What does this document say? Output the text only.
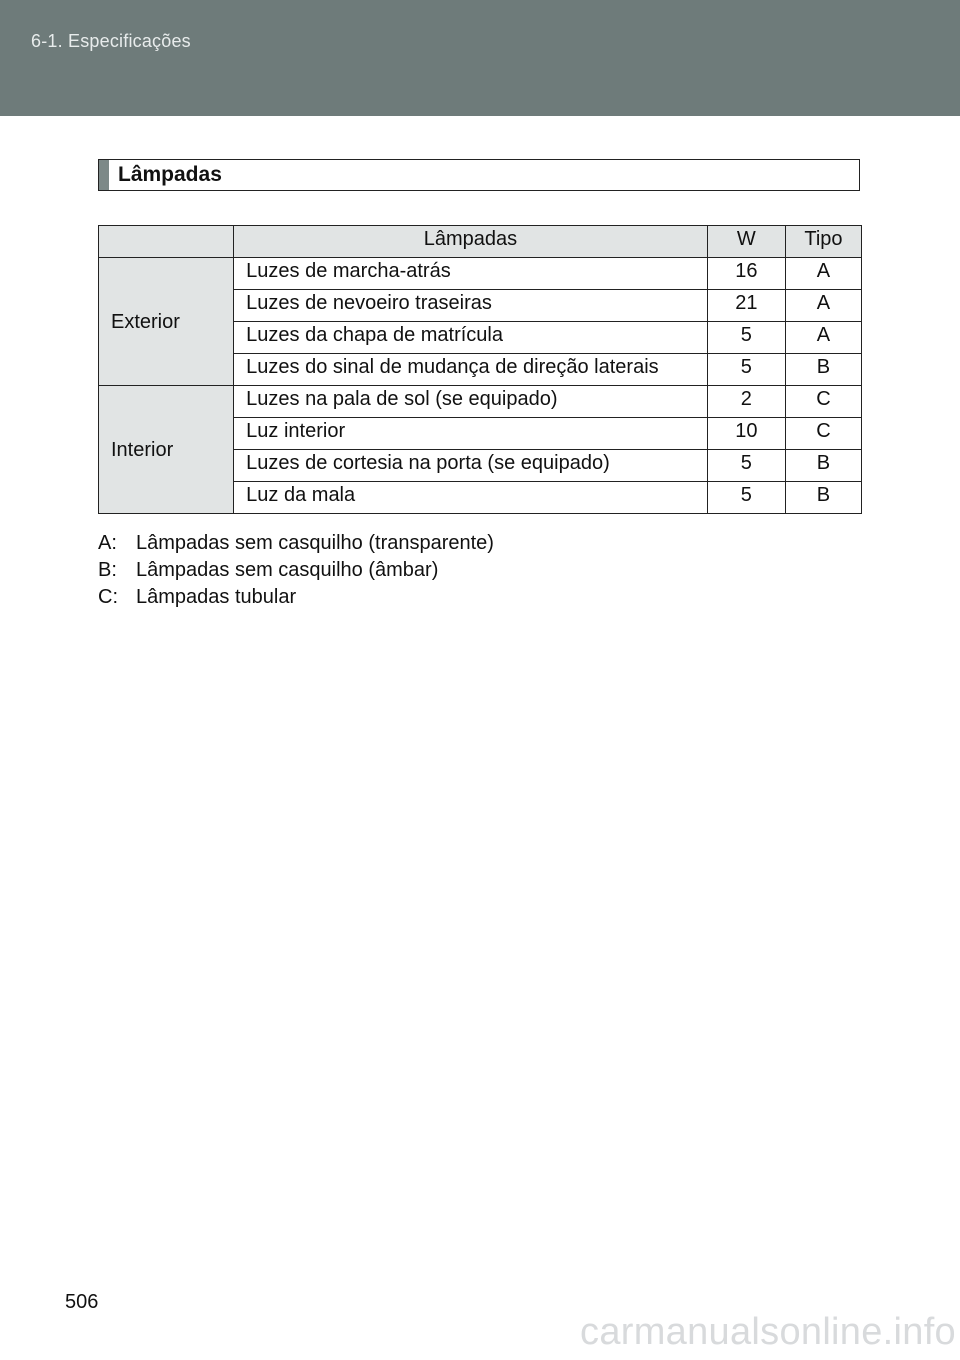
6-1. Especificações
Lâmpadas
	Lâmpadas	W	Tipo
Exterior	Luzes de marcha-atrás	16	A
	Luzes de nevoeiro traseiras	21	A
	Luzes da chapa de matrícula	5	A
	Luzes do sinal de mudança de direção laterais	5	B
Interior	Luzes na pala de sol (se equipado)	2	C
	Luz interior	10	C
	Luzes de cortesia na porta (se equipado)	5	B
	Luz da mala	5	B
A: Lâmpadas sem casquilho (transparente)
B: Lâmpadas sem casquilho (âmbar)
C: Lâmpadas tubular
506
carmanualsonline.info
